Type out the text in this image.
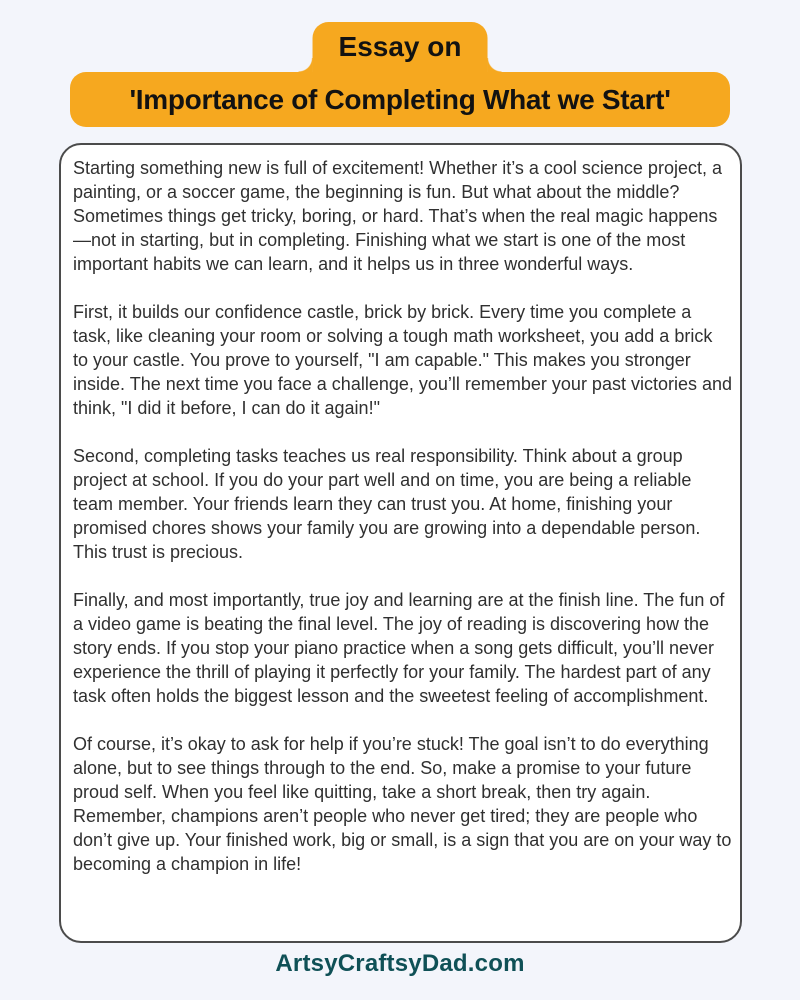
Essay on
'Importance of Completing What we Start'

Starting something new is full of excitement! Whether it’s a cool science project, a painting, or a soccer game, the beginning is fun. But what about the middle? Sometimes things get tricky, boring, or hard. That’s when the real magic happens—not in starting, but in completing. Finishing what we start is one of the most important habits we can learn, and it helps us in three wonderful ways.

First, it builds our confidence castle, brick by brick. Every time you complete a task, like cleaning your room or solving a tough math worksheet, you add a brick to your castle. You prove to yourself, "I am capable." This makes you stronger inside. The next time you face a challenge, you’ll remember your past victories and think, "I did it before, I can do it again!"

Second, completing tasks teaches us real responsibility. Think about a group project at school. If you do your part well and on time, you are being a reliable team member. Your friends learn they can trust you. At home, finishing your promised chores shows your family you are growing into a dependable person. This trust is precious.

Finally, and most importantly, true joy and learning are at the finish line. The fun of a video game is beating the final level. The joy of reading is discovering how the story ends. If you stop your piano practice when a song gets difficult, you’ll never experience the thrill of playing it perfectly for your family. The hardest part of any task often holds the biggest lesson and the sweetest feeling of accomplishment.

Of course, it’s okay to ask for help if you’re stuck! The goal isn’t to do everything alone, but to see things through to the end. So, make a promise to your future proud self. When you feel like quitting, take a short break, then try again. Remember, champions aren’t people who never get tired; they are people who don’t give up. Your finished work, big or small, is a sign that you are on your way to becoming a champion in life!

ArtsyCraftsyDad.com
